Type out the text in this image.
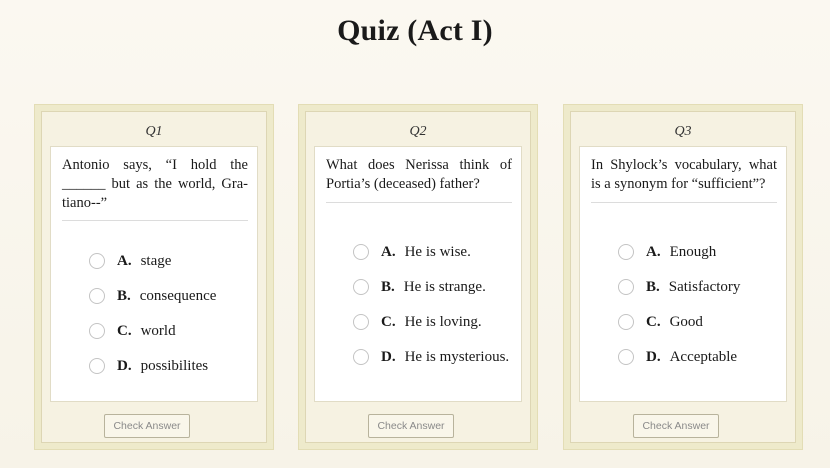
Quiz (Act I)
Q1
Antonio says, “I hold the ______ but as the world, Gra-tiano--”
A. stage
B. consequence
C. world
D. possibilites
Check Answer
Q2
What does Nerissa think of Portia’s (deceased) father?
A. He is wise.
B. He is strange.
C. He is loving.
D. He is mysterious.
Check Answer
Q3
In Shylock’s vocabulary, what is a synonym for “sufficient”?
A. Enough
B. Satisfactory
C. Good
D. Acceptable
Check Answer
